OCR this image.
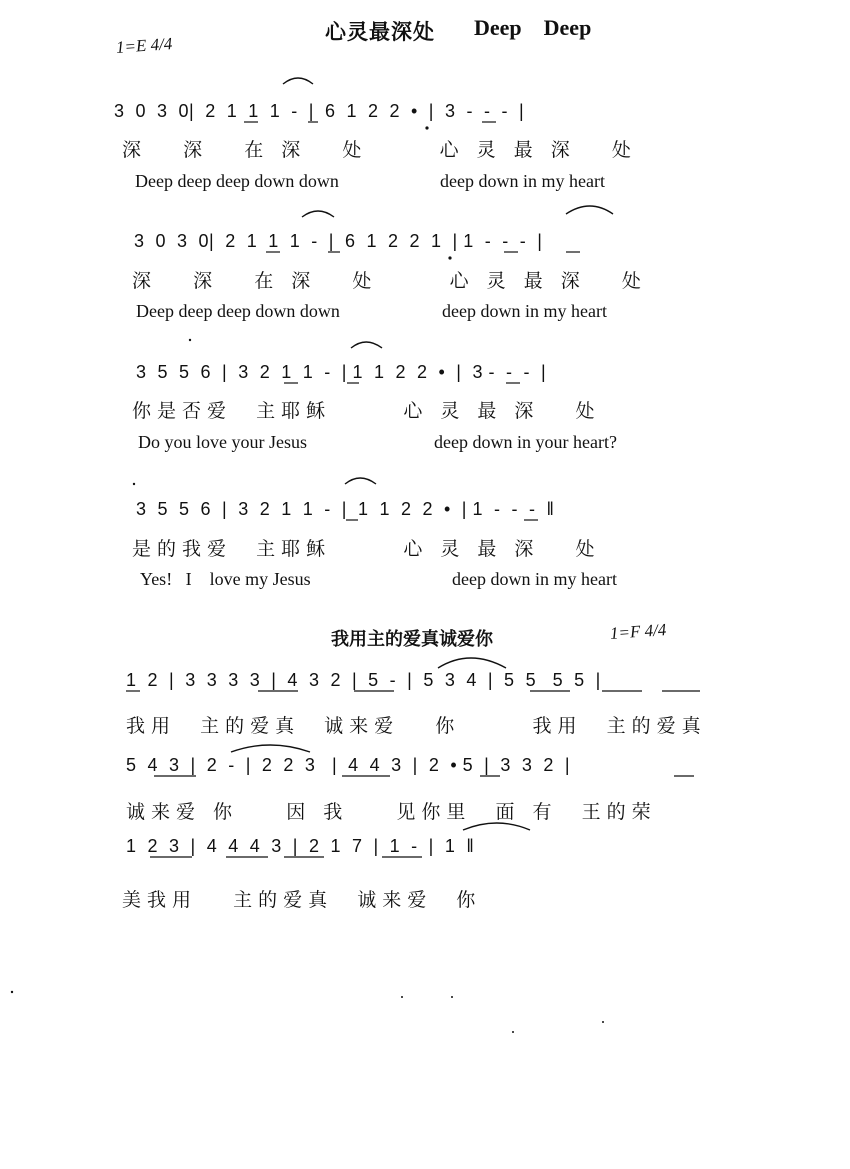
心灵最深处 Deep    Deep
1=E 4/4
3  0  3  0|  2  1  1  1  -  |  6  1  2  2  •  |  3  -  -  -  |
深   深   在 深   处      心 灵 最 深   处
Deep deep deep down down	deep down in my heart
3  0  3  0|  2  1  1  1  -  |  6  1  2  2  1  | 1  -  -  -  |
深   深   在 深   处      心 灵 最 深   处
Deep deep deep down down	deep down in my heart
3  5  5  6  |  3  2  1  1  -  | 1  1  2  2  •  |  3 -  -  -  |
你是否爱  主耶稣      心 灵 最 深   处
Do you love your Jesus	deep down in your heart?
3  5  5  6  |  3  2  1  1  -  |  1  1  2  2  •  | 1  -  -  -  ‖
是的我爱  主耶稣      心 灵 最 深   处
Yes!   I    love my Jesus	deep down in my heart
我用主的爱真诚爱你	1=F 4/4
1  2  |  3  3  3  3  |  4  3  2  |  5  -  |  5  3  4  |  5  5   5  5  |
我用  主的爱真  诚来爱   你      我用  主的爱真
5  4  3  |  2  -  |  2  2  3   |  4  4  3  |  2  • 5  |  3  3  2  |
诚来爱 你    因 我    见你里  面 有  王的荣
1  2  3  |  4  4  4  3  |  2  1  7  |  1  -  |  1  ‖
美我用   主的爱真  诚来爱  你
